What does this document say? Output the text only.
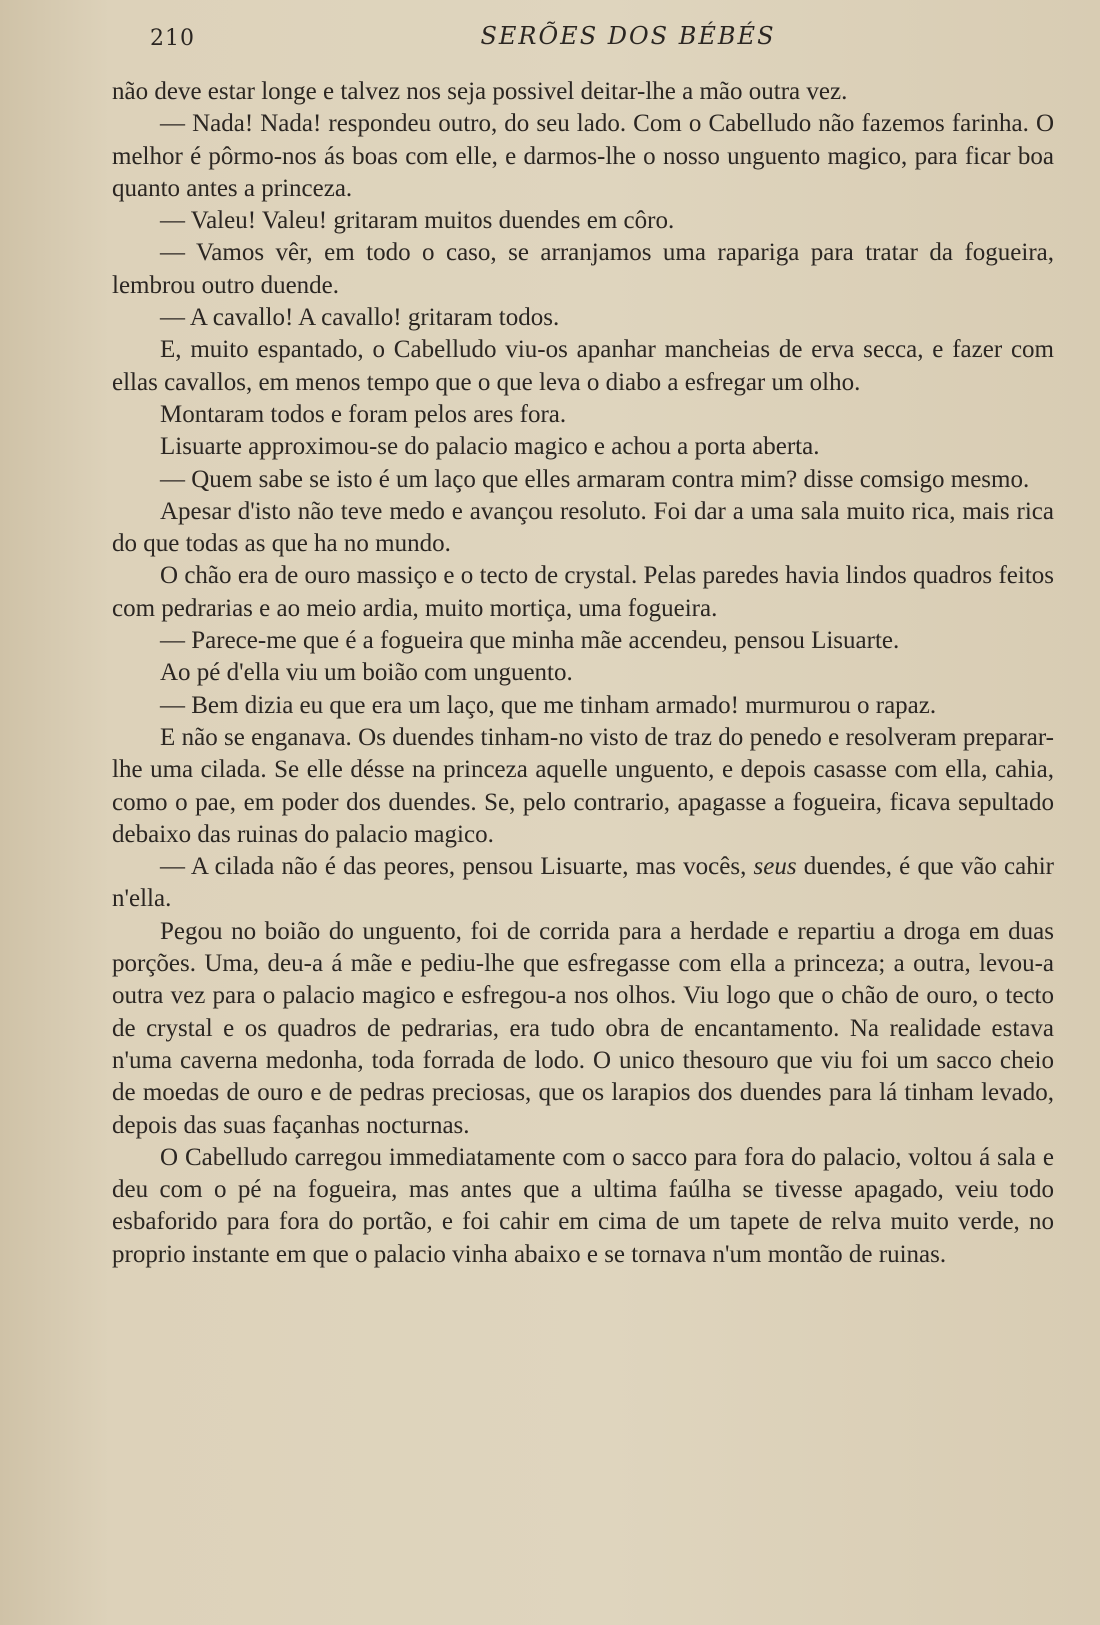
210	SERÕES DOS BÉBÉS

não deve estar longe e talvez nos seja possivel deitar-lhe a mão outra vez.

— Nada! Nada! respondeu outro, do seu lado. Com o Cabelludo não fazemos farinha. O melhor é pôrmo-nos ás boas com elle, e darmos-lhe o nosso unguento magico, para ficar boa quanto antes a princeza.

— Valeu! Valeu! gritaram muitos duendes em côro.

— Vamos vêr, em todo o caso, se arranjamos uma rapariga para tratar da fogueira, lembrou outro duende.

— A cavallo! A cavallo! gritaram todos.

E, muito espantado, o Cabelludo viu-os apanhar mancheias de erva secca, e fazer com ellas cavallos, em menos tempo que o que leva o diabo a esfregar um olho.

Montaram todos e foram pelos ares fora.

Lisuarte approximou-se do palacio magico e achou a porta aberta.

— Quem sabe se isto é um laço que elles armaram contra mim? disse comsigo mesmo.

Apesar d'isto não teve medo e avançou resoluto. Foi dar a uma sala muito rica, mais rica do que todas as que ha no mundo.

O chão era de ouro massiço e o tecto de crystal. Pelas paredes havia lindos quadros feitos com pedrarias e ao meio ardia, muito mortiça, uma fogueira.

— Parece-me que é a fogueira que minha mãe accendeu, pensou Lisuarte.

Ao pé d'ella viu um boião com unguento.

— Bem dizia eu que era um laço, que me tinham armado! murmurou o rapaz.

E não se enganava. Os duendes tinham-no visto de traz do penedo e resolveram preparar-lhe uma cilada. Se elle désse na princeza aquelle unguento, e depois casasse com ella, cahia, como o pae, em poder dos duendes. Se, pelo contrario, apagasse a fogueira, ficava sepultado debaixo das ruinas do palacio magico.

— A cilada não é das peores, pensou Lisuarte, mas vocês, seus duendes, é que vão cahir n'ella.

Pegou no boião do unguento, foi de corrida para a herdade e repartiu a droga em duas porções. Uma, deu-a á mãe e pediu-lhe que esfregasse com ella a princeza; a outra, levou-a outra vez para o palacio magico e esfregou-a nos olhos. Viu logo que o chão de ouro, o tecto de crystal e os quadros de pedrarias, era tudo obra de encantamento. Na realidade estava n'uma caverna medonha, toda forrada de lodo. O unico thesouro que viu foi um sacco cheio de moedas de ouro e de pedras preciosas, que os larapios dos duendes para lá tinham levado, depois das suas façanhas nocturnas.

O Cabelludo carregou immediatamente com o sacco para fora do palacio, voltou á sala e deu com o pé na fogueira, mas antes que a ultima faúlha se tivesse apagado, veiu todo esbaforido para fora do portão, e foi cahir em cima de um tapete de relva muito verde, no proprio instante em que o palacio vinha abaixo e se tornava n'um montão de ruinas.
